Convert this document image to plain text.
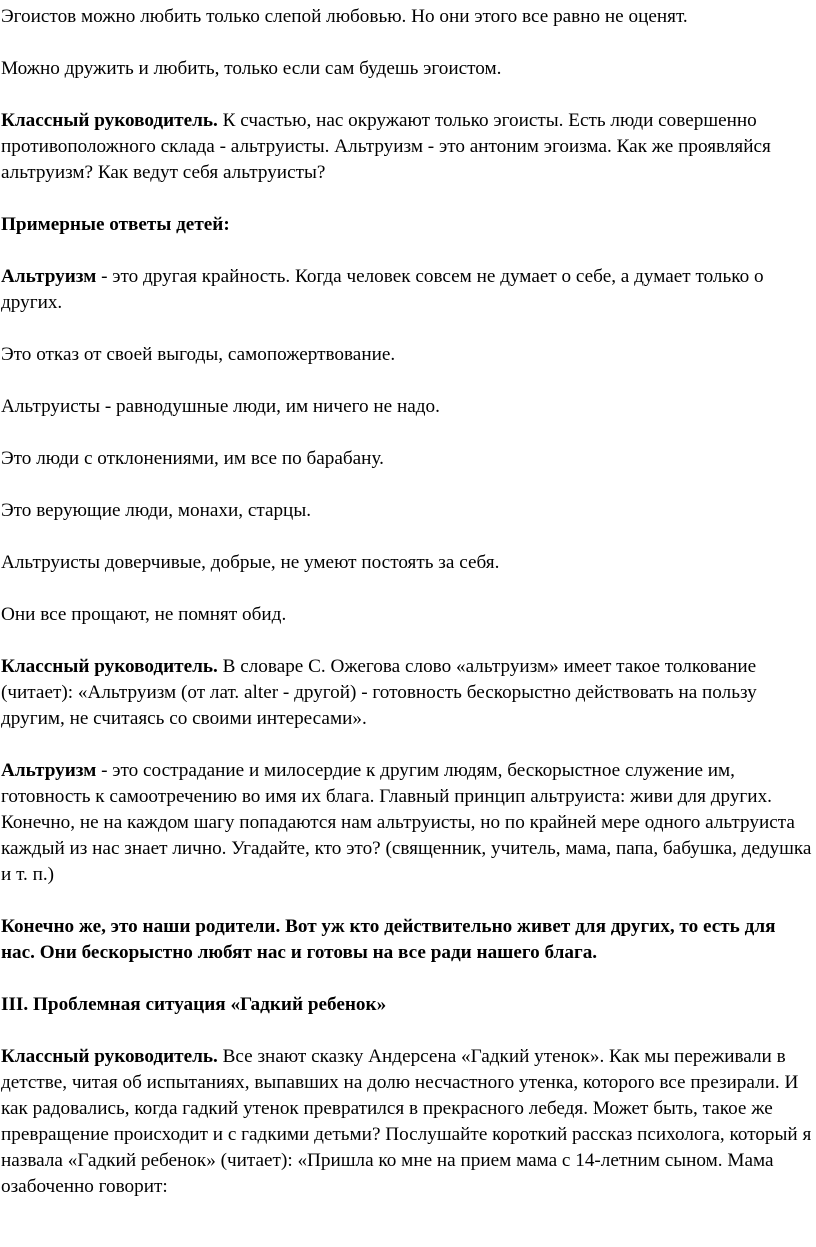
Эгоистов можно любить только слепой любовью. Но они этого все равно не оценят.

Можно дружить и любить, только если сам будешь эгоистом.

Классный руководитель. К счастью, нас окружают только эгоисты. Есть люди совершенно противоположного склада - альтруисты. Альтруизм - это антоним эгоизма. Как же проявляйся альтруизм? Как ведут себя альтруисты?

Примерные ответы детей:

Альтруизм - это другая крайность. Когда человек совсем не думает о себе, а думает только о других.

Это отказ от своей выгоды, самопожертвование.

Альтруисты - равнодушные люди, им ничего не надо.

Это люди с отклонениями, им все по барабану.

Это верующие люди, монахи, старцы.

Альтруисты доверчивые, добрые, не умеют постоять за себя.

Они все прощают, не помнят обид.

Классный руководитель. В словаре С. Ожегова слово «альтруизм» имеет такое толкование (читает): «Альтруизм (от лат. alter - другой) - готовность бескорыстно действовать на пользу другим, не считаясь со своими интересами».

Альтруизм - это сострадание и милосердие к другим людям, бескорыстное служение им, готовность к самоотречению во имя их блага. Главный принцип альтруиста: живи для других. Конечно, не на каждом шагу попадаются нам альтруисты, но по крайней мере одного альтруиста каждый из нас знает лично. Угадайте, кто это? (священник, учитель, мама, папа, бабушка, дедушка и т. п.)

Конечно же, это наши родители. Вот уж кто действительно живет для других, то есть для нас. Они бескорыстно любят нас и готовы на все ради нашего блага.

III. Проблемная ситуация «Гадкий ребенок»

Классный руководитель. Все знают сказку Андерсена «Гадкий утенок». Как мы переживали в детстве, читая об испытаниях, выпавших на долю несчастного утенка, которого все презирали. И как радовались, когда гадкий утенок превратился в прекрасного лебедя. Может быть, такое же превращение происходит и с гадкими детьми? Послушайте короткий рассказ психолога, который я назвала «Гадкий ребенок» (читает): «Пришла ко мне на прием мама с 14-летним сыном. Мама озабоченно говорит:
